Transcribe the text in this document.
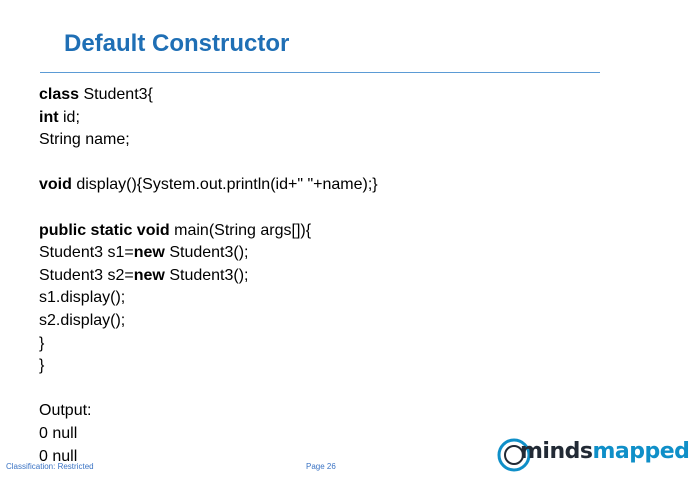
Default Constructor
class Student3{
int id;
String name;
void display(){System.out.println(id+" "+name);}
public static void main(String args[]){
Student3 s1=new Student3();
Student3 s2=new Student3();
s1.display();
s2.display();
}
}
Output:
0 null
0 null
Classification: Restricted	Page 26
mindsmapped
